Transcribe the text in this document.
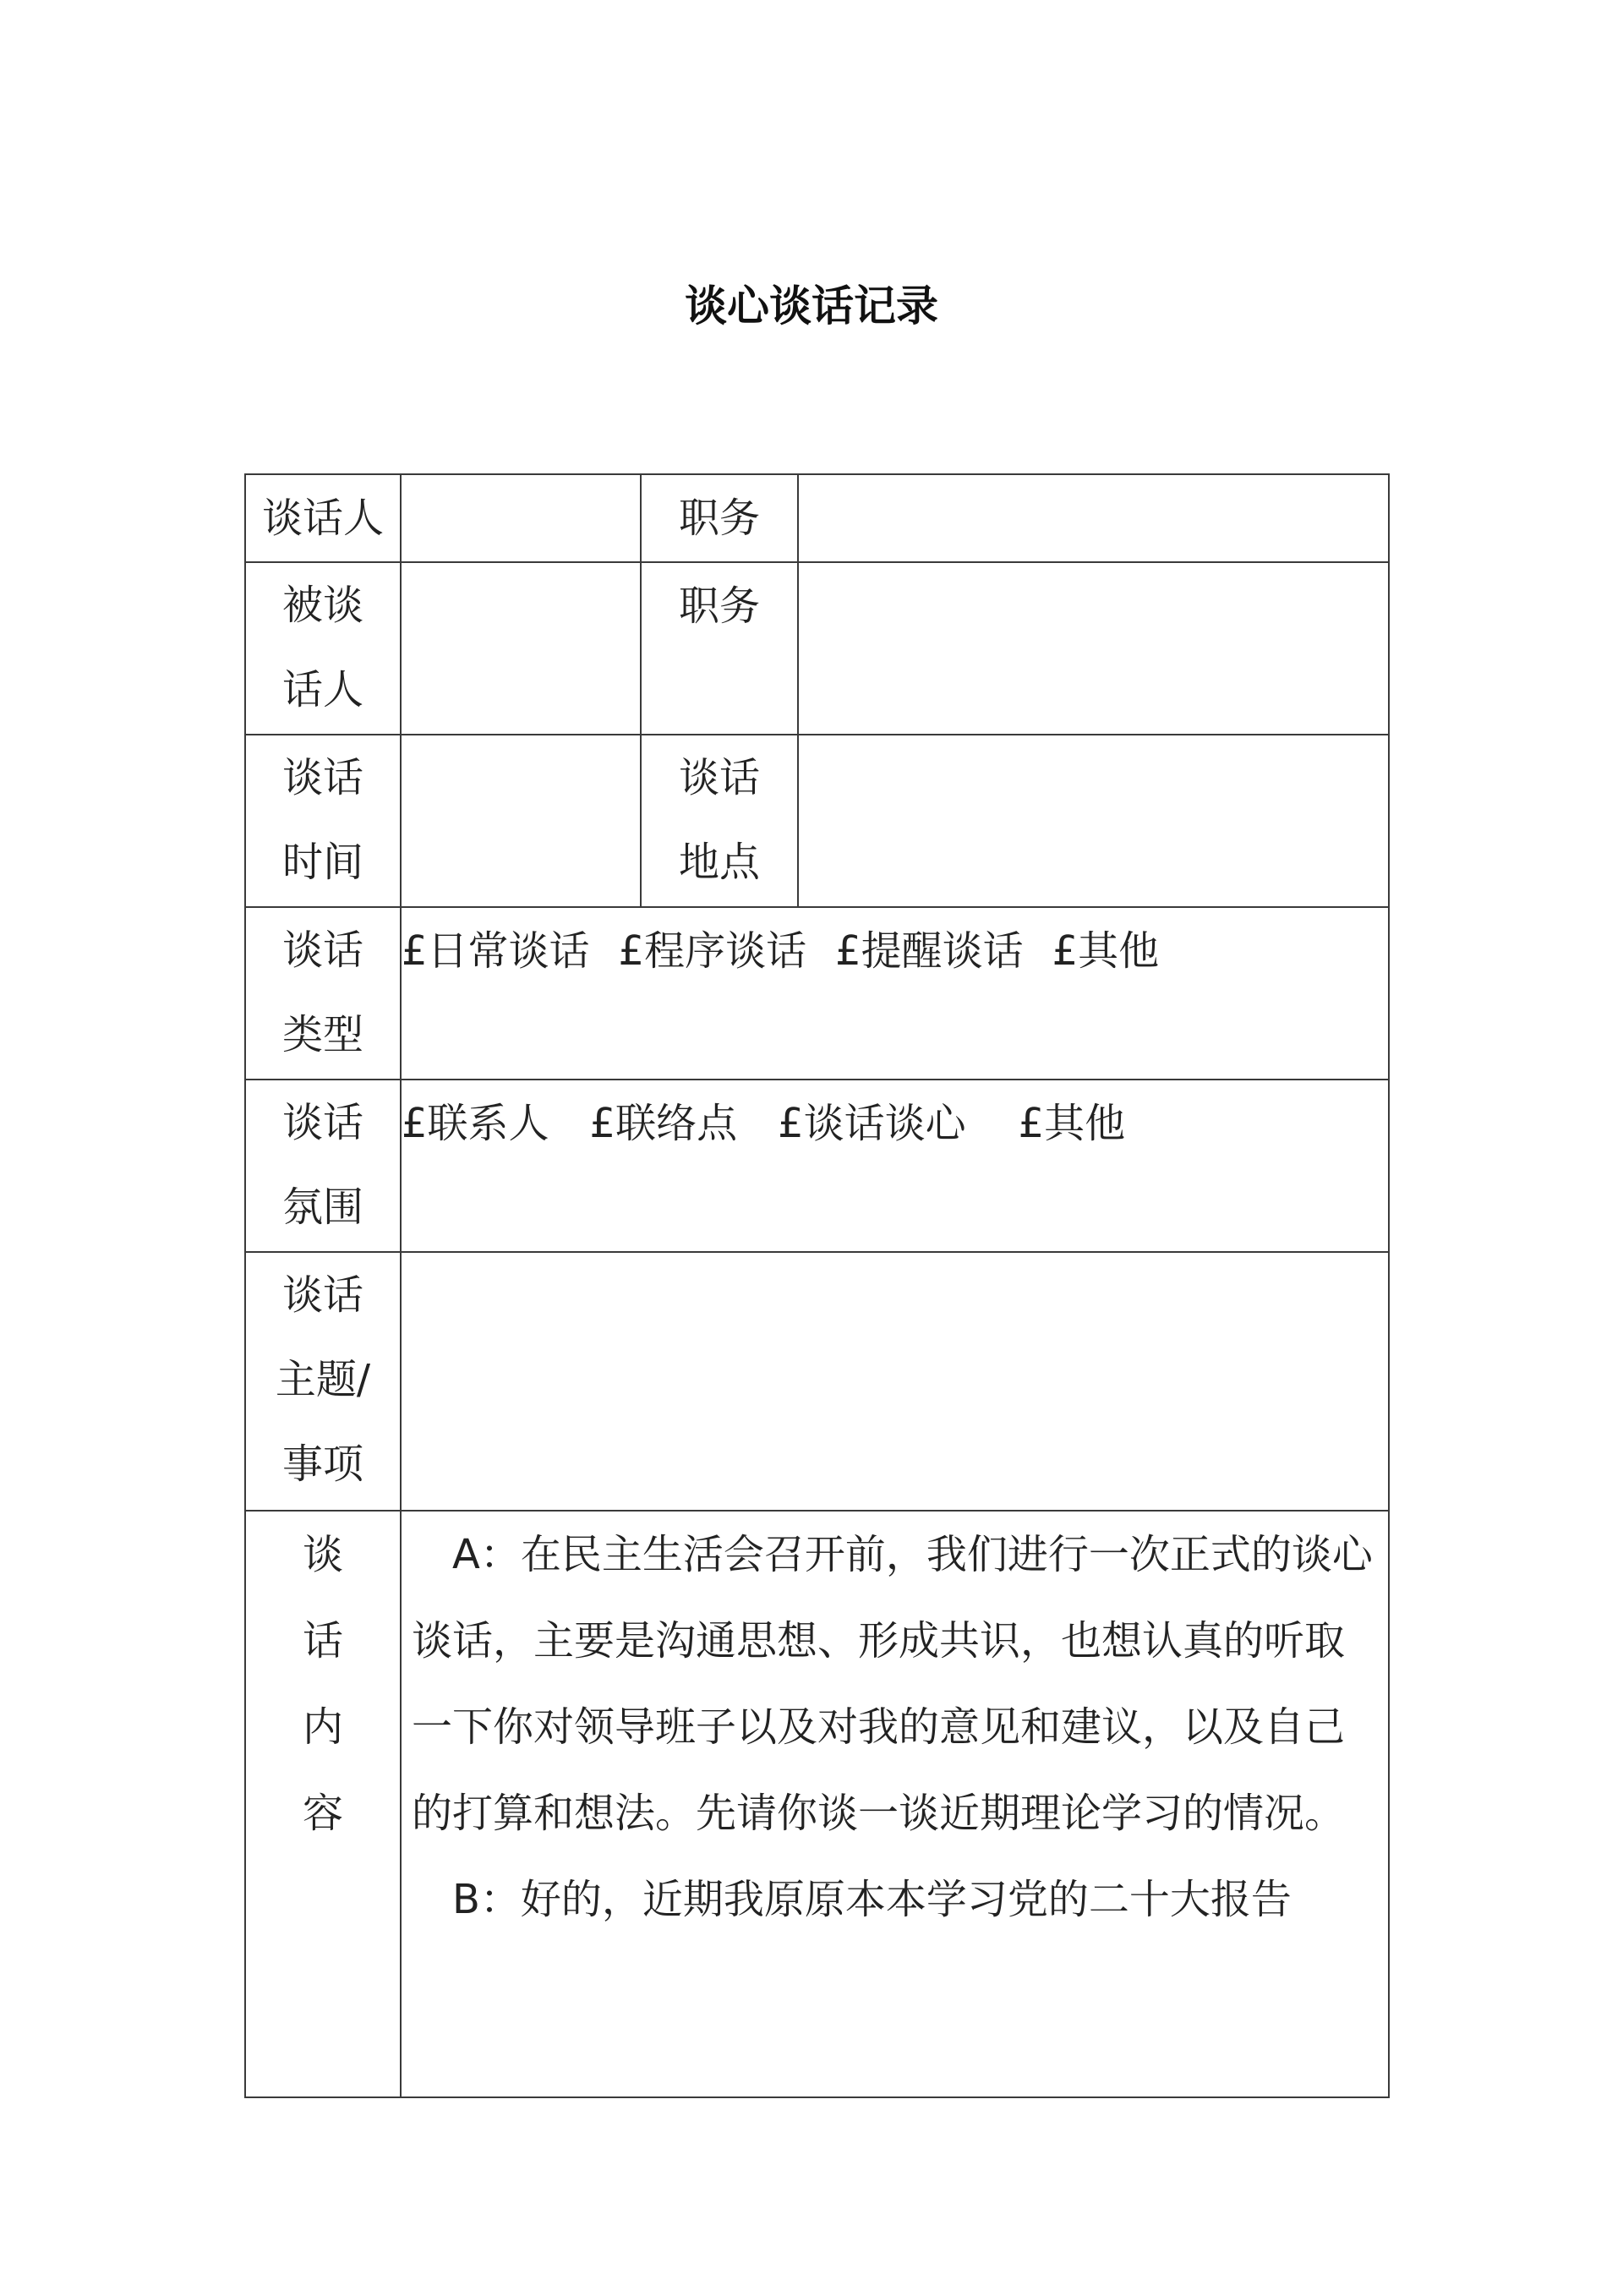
谈心谈话记录
谈话人		职务	
被谈话人		职务	
谈话时间		谈话地点	
谈话类型	£日常谈话 £程序谈话 £提醒谈话 £其他		
谈话氛围	£联系人 £联络点 £谈话谈心 £其他		
谈话主题/事项			
谈话内容	A：在民主生活会召开前，我们进行一次正式的谈心谈话，主要是沟通思想、形成共识，也想认真的听取一下你对领导班子以及对我的意见和建议，以及自己的打算和想法。先请你谈一谈近期理论学习的情况。

B：好的，近期我原原本本学习党的二十大报告		
